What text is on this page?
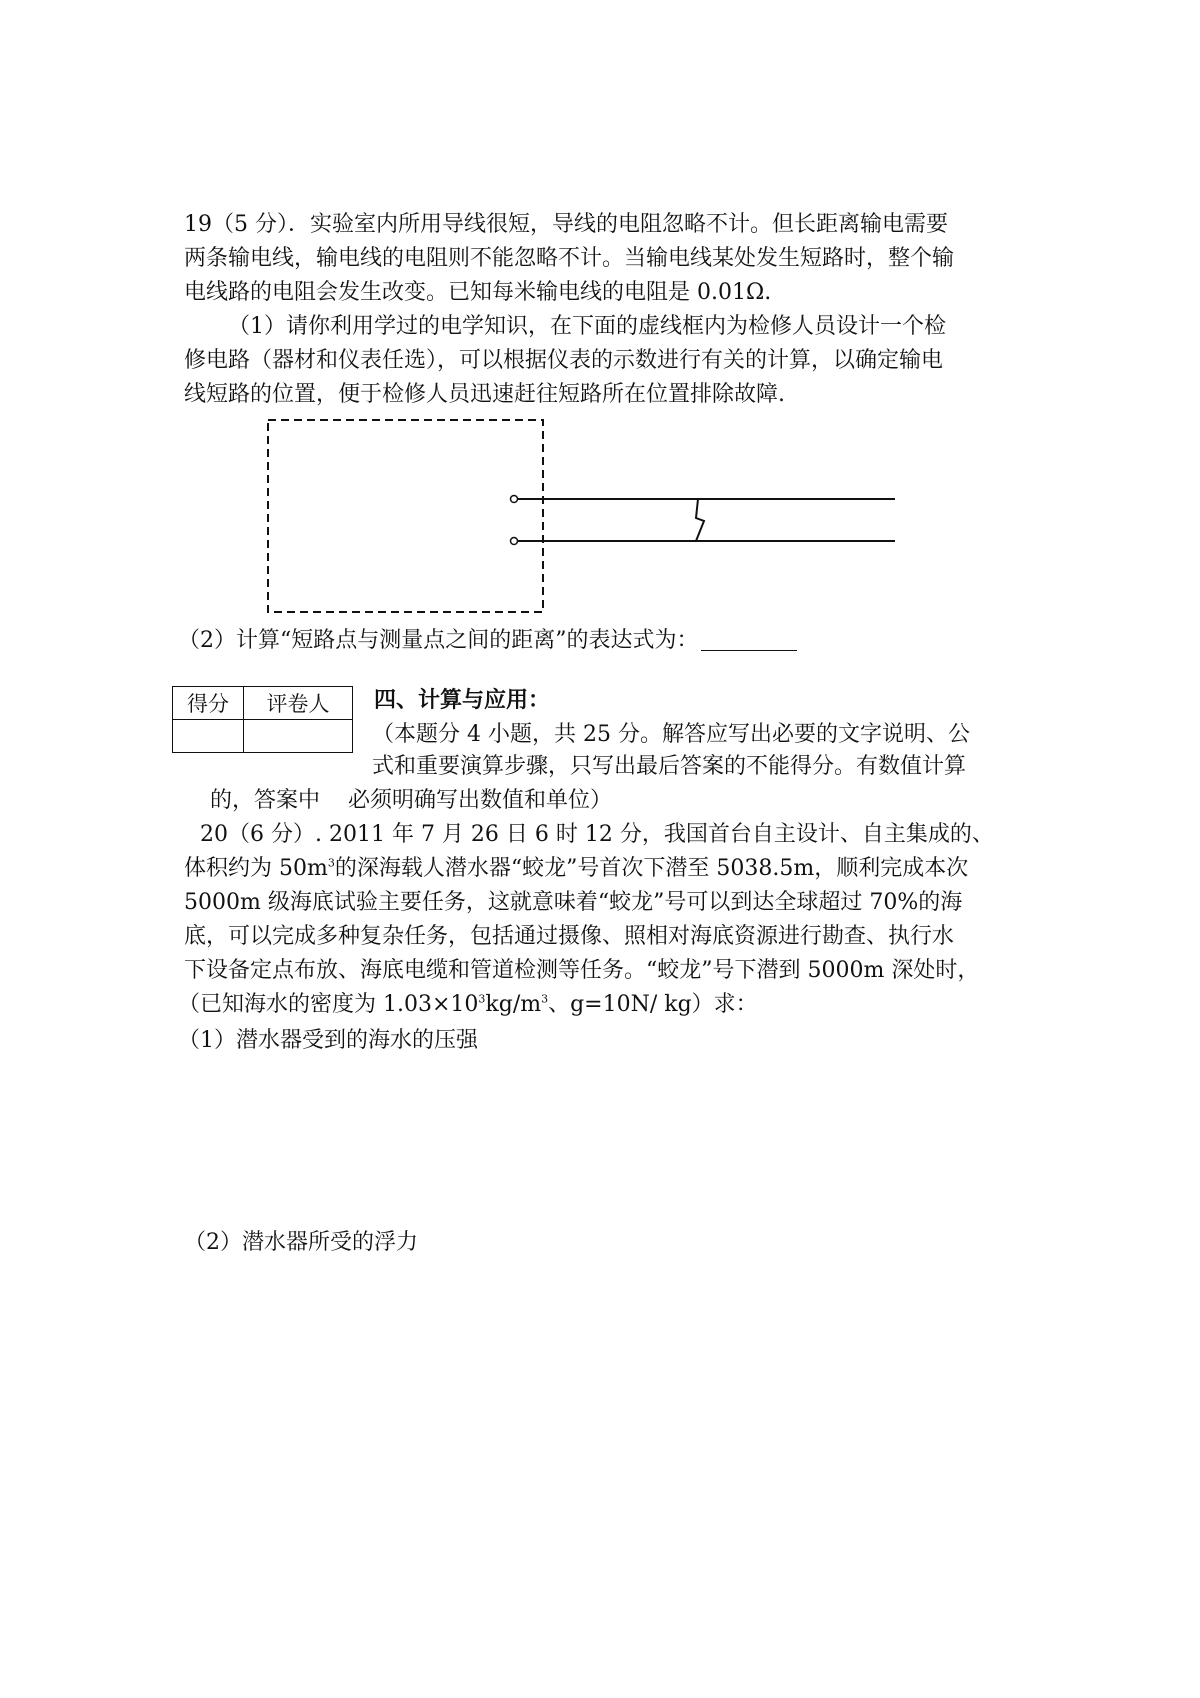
19（5 分）．实验室内所用导线很短，导线的电阻忽略不计。但长距离输电需要
两条输电线，输电线的电阻则不能忽略不计。当输电线某处发生短路时，整个输
电线路的电阻会发生改变。已知每米输电线的电阻是 0.01Ω.
（1）请你利用学过的电学知识，在下面的虚线框内为检修人员设计一个检
修电路（器材和仪表任选），可以根据仪表的示数进行有关的计算，以确定输电
线短路的位置，便于检修人员迅速赶往短路所在位置排除故障.
（2）计算“短路点与测量点之间的距离”的表达式为：
得分	评卷人
	四、计算与应用：
（本题分 4 小题，共 25 分。解答应写出必要的文字说明、公
式和重要演算步骤，只写出最后答案的不能得分。有数值计算
的，答案中 必须明确写出数值和单位）
20（6 分）. 2011 年 7 月 26 日 6 时 12 分，我国首台自主设计、自主集成的、
体积约为 $50m^3$的深海载人潜水器“蛟龙”号首次下潜至 5038.5m，顺利完成本次
5000m 级海底试验主要任务，这就意味着“蛟龙”号可以到达全球超过 70%的海
底，可以完成多种复杂任务，包括通过摄像、照相对海底资源进行勘查、执行水
下设备定点布放、海底电缆和管道检测等任务。“蛟龙”号下潜到 5000m 深处时，
（已知海水的密度为 $1.03\times 10^3kg/m^3$、g=10N/ kg）求：
（1）潜水器受到的海水的压强
（2）潜水器所受的浮力
